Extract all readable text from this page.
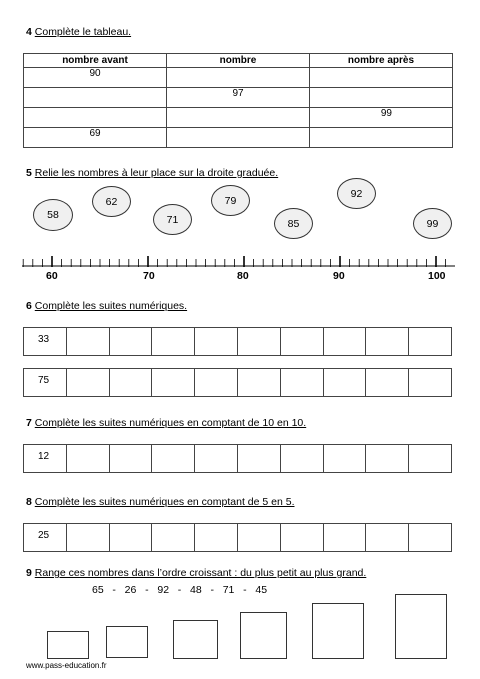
4 Complète le tableau.
nombre avant	nombre	nombre après
90		
	97	
		99
69		
5 Relie les nombres à leur place sur la droite graduée.
58
62
71
79
85
92
99
60	70	80	90	100
6 Complète les suites numériques.
33
75
7 Complète les suites numériques en comptant de 10 en 10.
12
8 Complète les suites numériques en comptant de 5 en 5.
25
9 Range ces nombres dans l’ordre croissant : du plus petit au plus grand.
65   -   26   -   92   -   48   -   71   -   45
www.pass-education.fr
